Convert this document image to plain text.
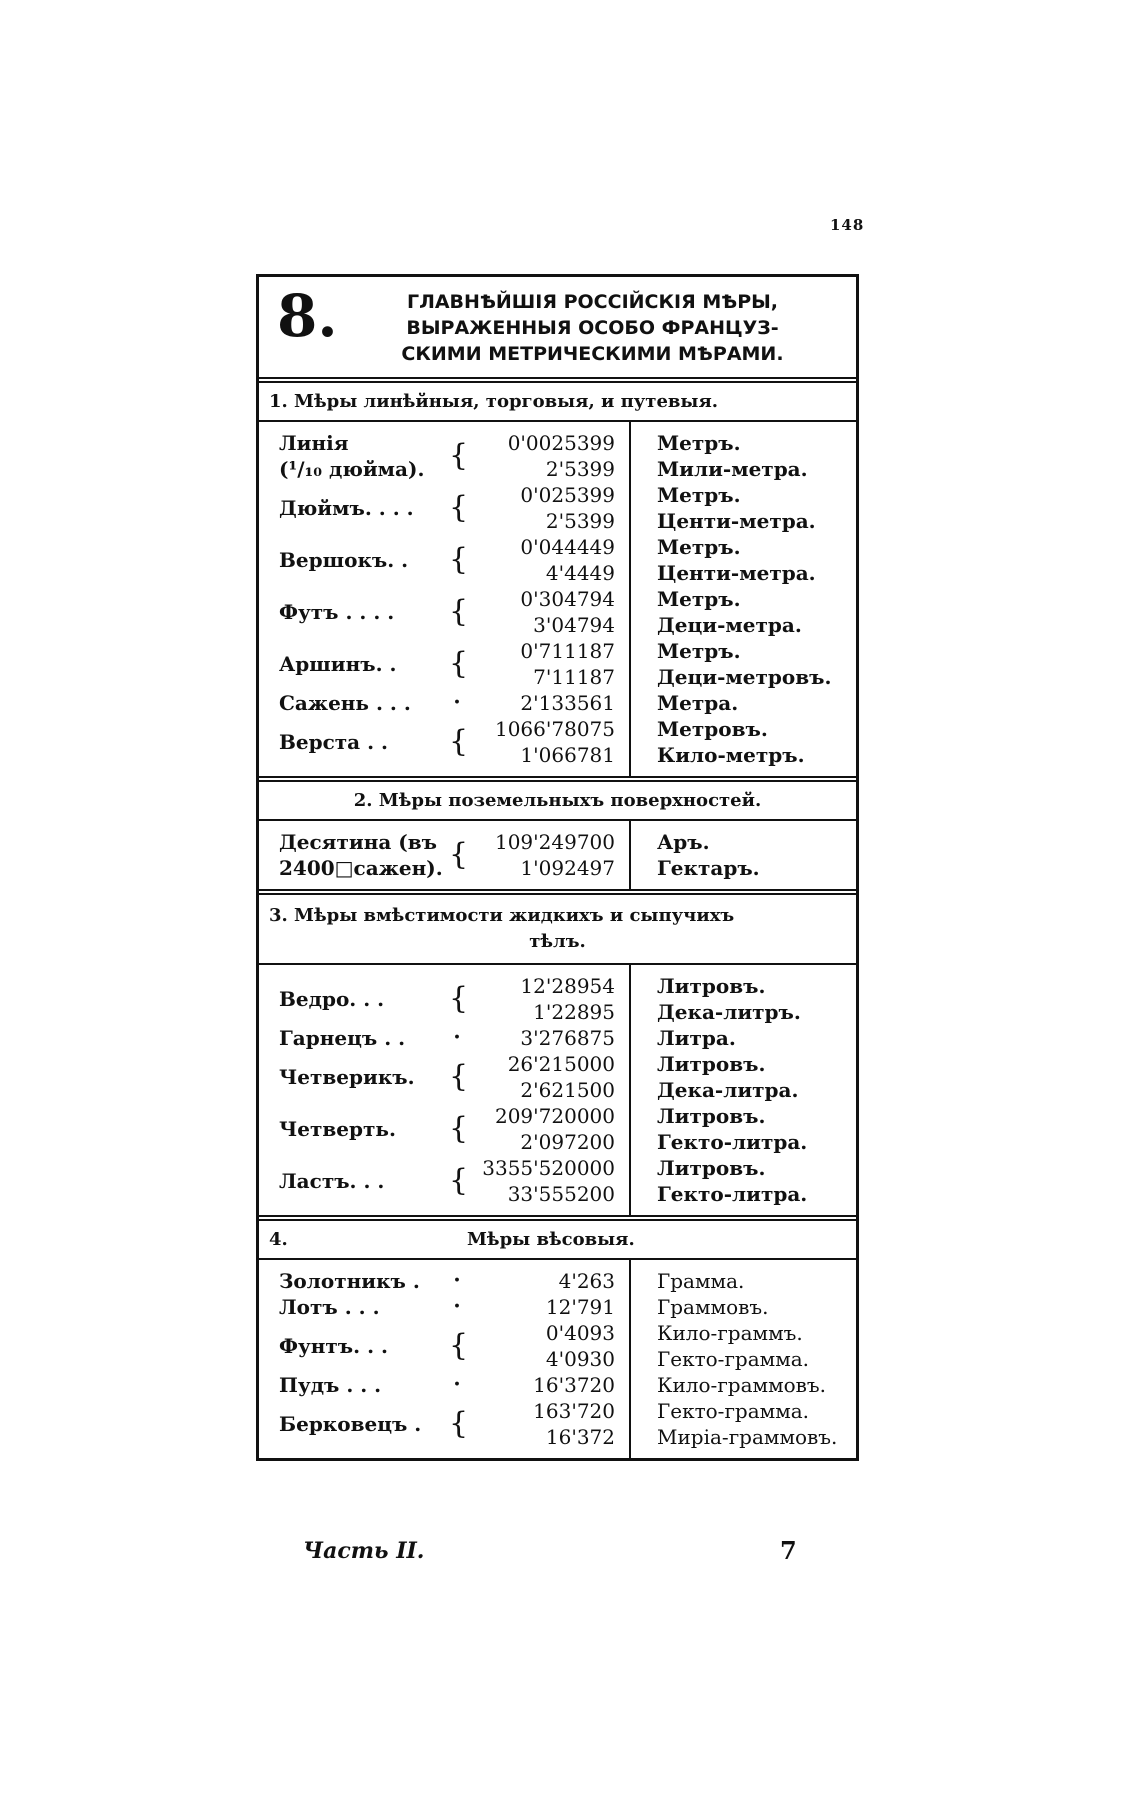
148
8.	ГЛАВНѢЙШІЯ РОССІЙСКІЯ МѢРЫ,
ВЫРАЖЕННЫЯ ОСОБО ФРАНЦУЗ-
СКИМИ МЕТРИЧЕСКИМИ МѢРАМИ.
1. Мѣры линѣйныя, торговыя, и путевыя.
Линія
(¹/₁₀ дюйма). {	0'0025399	Метръ.
2'5399	Мили-метра.
Дюймъ. . . .	{	0'025399	Метръ.
2'5399	Центи-метра.
Вершокъ. .	{	0'044449	Метръ.
4'4449	Центи-метра.
Футъ . . . .	{	0'304794	Метръ.
3'04794	Деци-метра.
Аршинъ. .	{	0'711187	Метръ.
7'11187	Деци-метровъ.
Сажень . . .	·	2'133561	Метра.
Верста . .	{	1066'78075	Метровъ.
1'066781	Кило-метръ.
2. Мѣры поземельныхъ поверхностей.
Десятина (въ
2400□сажен). {	109'249700	Аръ.
1'092497	Гектаръ.
3. Мѣры вмѣстимости жидкихъ и сыпучихъ
тѣлъ.
Ведро. . .	{	12'28954	Литровъ.
1'22895	Дека-литръ.
Гарнецъ . .	·	3'276875	Литра.
Четверикъ.	{	26'215000	Литровъ.
2'621500	Дека-литра.
Четверть.	{	209'720000	Литровъ.
2'097200	Гекто-литра.
Ластъ. . .	{ 3355'520000	Литровъ.
33'555200	Гекто-литра.
4.	Мѣры вѣсовыя.
Золотникъ .	·	4'263	Грамма.
Лотъ . . .	·	12'791	Граммовъ.
Фунтъ. . .	{	0'4093	Кило-граммъ.
4'0930	Гекто-грамма.
Пудъ . . .	·	16'3720	Кило-граммовъ.
Берковецъ . {	163'720	Гекто-грамма.
16'372	Миріа-граммовъ.
Часть II.	7
